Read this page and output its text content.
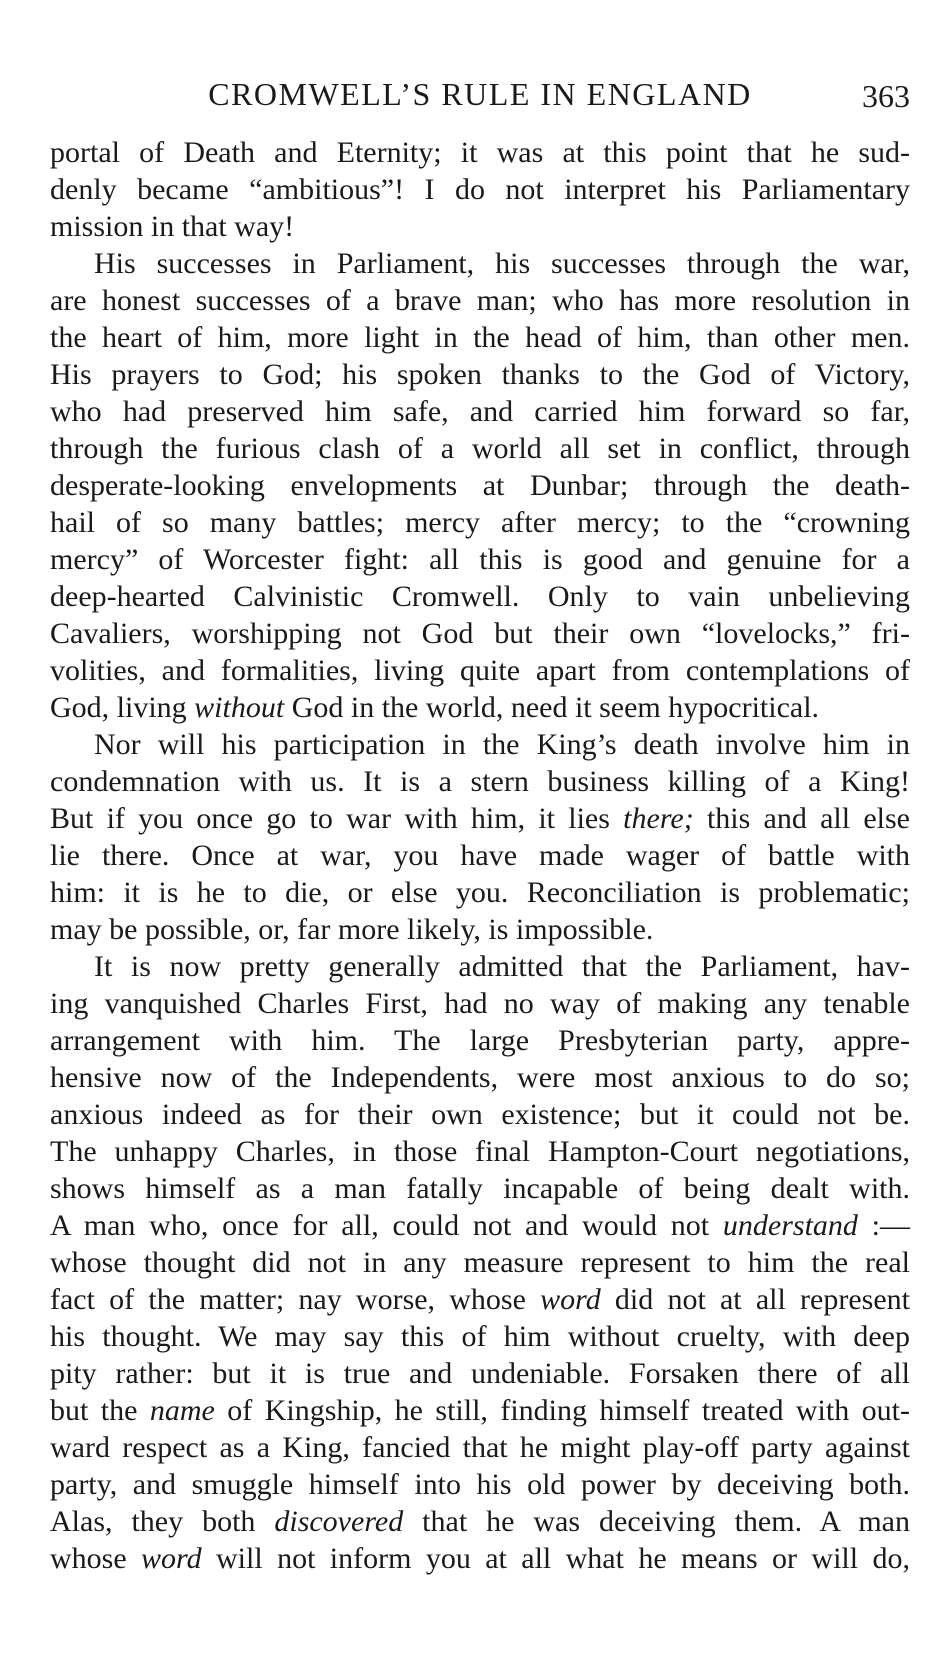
CROMWELL’S RULE IN ENGLAND	363
portal of Death and Eternity; it was at this point that he sud-
denly became “ambitious”! I do not interpret his Parliamentary
mission in that way!
His successes in Parliament, his successes through the war,
are honest successes of a brave man; who has more resolution in
the heart of him, more light in the head of him, than other men.
His prayers to God; his spoken thanks to the God of Victory,
who had preserved him safe, and carried him forward so far,
through the furious clash of a world all set in conflict, through
desperate-looking envelopments at Dunbar; through the death-
hail of so many battles; mercy after mercy; to the “crowning
mercy” of Worcester fight: all this is good and genuine for a
deep-hearted Calvinistic Cromwell. Only to vain unbelieving
Cavaliers, worshipping not God but their own “lovelocks,” fri-
volities, and formalities, living quite apart from contemplations of
God, living without God in the world, need it seem hypocritical.
Nor will his participation in the King’s death involve him in
condemnation with us. It is a stern business killing of a King!
But if you once go to war with him, it lies there; this and all else
lie there. Once at war, you have made wager of battle with
him: it is he to die, or else you. Reconciliation is problematic;
may be possible, or, far more likely, is impossible.
It is now pretty generally admitted that the Parliament, hav-
ing vanquished Charles First, had no way of making any tenable
arrangement with him. The large Presbyterian party, appre-
hensive now of the Independents, were most anxious to do so;
anxious indeed as for their own existence; but it could not be.
The unhappy Charles, in those final Hampton-Court negotiations,
shows himself as a man fatally incapable of being dealt with.
A man who, once for all, could not and would not understand :—
whose thought did not in any measure represent to him the real
fact of the matter; nay worse, whose word did not at all represent
his thought. We may say this of him without cruelty, with deep
pity rather: but it is true and undeniable. Forsaken there of all
but the name of Kingship, he still, finding himself treated with out-
ward respect as a King, fancied that he might play-off party against
party, and smuggle himself into his old power by deceiving both.
Alas, they both discovered that he was deceiving them. A man
whose word will not inform you at all what he means or will do,
